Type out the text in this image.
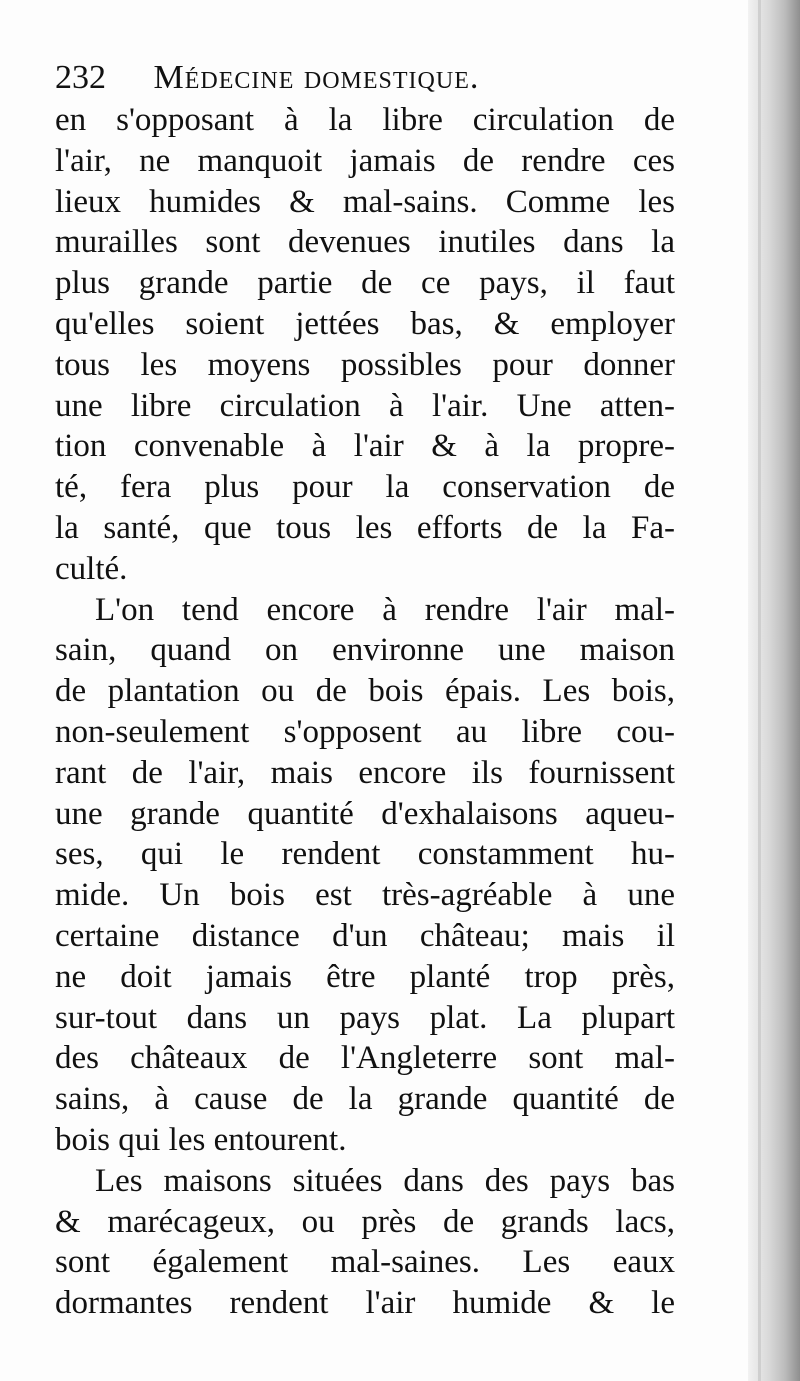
232 Médecine domestique.
en s'opposant à la libre circulation de
l'air, ne manquoit jamais de rendre ces
lieux humides & mal-sains. Comme les
murailles sont devenues inutiles dans la
plus grande partie de ce pays, il faut
qu'elles soient jettées bas, & employer
tous les moyens possibles pour donner
une libre circulation à l'air. Une atten-
tion convenable à l'air & à la propre-
té, fera plus pour la conservation de
la santé, que tous les efforts de la Fa-
culté.
L'on tend encore à rendre l'air mal-
sain, quand on environne une maison
de plantation ou de bois épais. Les bois,
non-seulement s'opposent au libre cou-
rant de l'air, mais encore ils fournissent
une grande quantité d'exhalaisons aqueu-
ses, qui le rendent constamment hu-
mide. Un bois est très-agréable à une
certaine distance d'un château; mais il
ne doit jamais être planté trop près,
sur-tout dans un pays plat. La plupart
des châteaux de l'Angleterre sont mal-
sains, à cause de la grande quantité de
bois qui les entourent.
Les maisons situées dans des pays bas
& marécageux, ou près de grands lacs,
sont également mal-saines. Les eaux
dormantes rendent l'air humide & le
